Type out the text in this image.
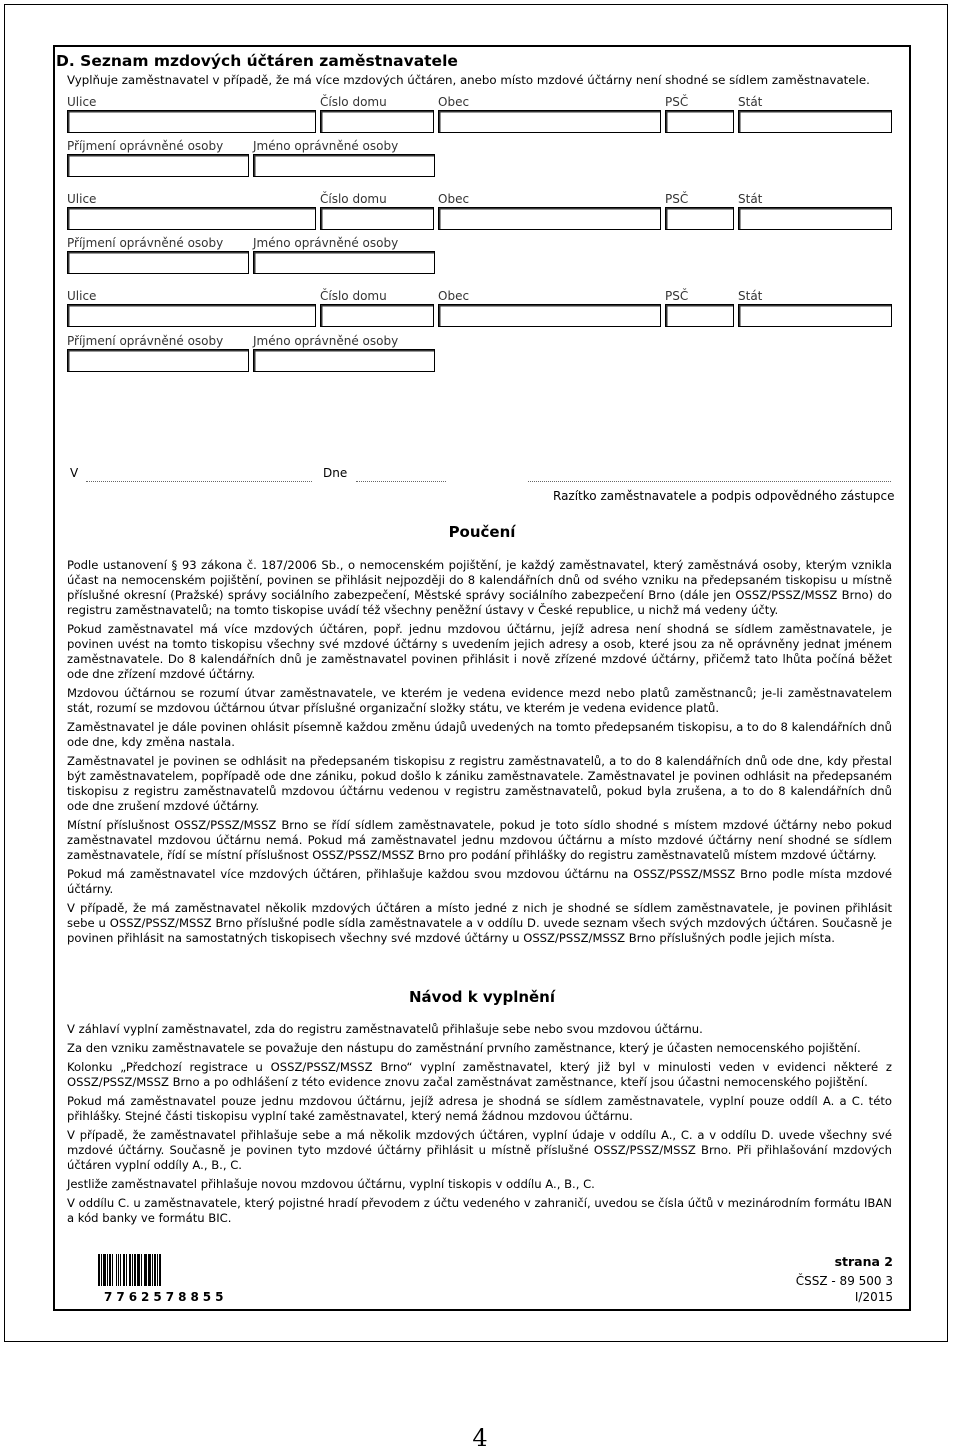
D. Seznam mzdových účtáren zaměstnavatele
Vyplňuje zaměstnavatel v případě, že má více mzdových účtáren, anebo místo mzdové účtárny není shodné se sídlem zaměstnavatele.
Ulice	Číslo domu	Obec	PSČ	Stát
Příjmení oprávněné osoby Jméno oprávněné osoby
Ulice	Číslo domu	Obec	PSČ	Stát
Příjmení oprávněné osoby Jméno oprávněné osoby
Ulice	Číslo domu	Obec	PSČ	Stát
Příjmení oprávněné osoby Jméno oprávněné osoby
V	Dne
Razítko zaměstnavatele a podpis odpovědného zástupce
Poučení

Podle ustanovení § 93 zákona č. 187/2006 Sb., o nemocenském pojištění, je každý zaměstnavatel, který zaměstnává osoby, kterým vznikla účast na nemocenském pojištění, povinen se přihlásit nejpozději do 8 kalendářních dnů od svého vzniku na předepsaném tiskopisu u místně příslušné okresní (Pražské) správy sociálního zabezpečení, Městské správy sociálního zabezpečení Brno (dále jen OSSZ/PSSZ/MSSZ Brno) do registru zaměstnavatelů; na tomto tiskopise uvádí též všechny peněžní ústavy v České republice, u nichž má vedeny účty.

Pokud zaměstnavatel má více mzdových účtáren, popř. jednu mzdovou účtárnu, jejíž adresa není shodná se sídlem zaměstnavatele, je povinen uvést na tomto tiskopisu všechny své mzdové účtárny s uvedením jejich adresy a osob, které jsou za ně oprávněny jednat jménem zaměstnavatele. Do 8 kalendářních dnů je zaměstnavatel povinen přihlásit i nově zřízené mzdové účtárny, přičemž tato lhůta počíná běžet ode dne zřízení mzdové účtárny.

Mzdovou účtárnou se rozumí útvar zaměstnavatele, ve kterém je vedena evidence mezd nebo platů zaměstnanců; je-li zaměstnavatelem stát, rozumí se mzdovou účtárnou útvar příslušné organizační složky státu, ve kterém je vedena evidence platů.

Zaměstnavatel je dále povinen ohlásit písemně každou změnu údajů uvedených na tomto předepsaném tiskopisu, a to do 8 kalendářních dnů ode dne, kdy změna nastala.

Zaměstnavatel je povinen se odhlásit na předepsaném tiskopisu z registru zaměstnavatelů, a to do 8 kalendářních dnů ode dne, kdy přestal být zaměstnavatelem, popřípadě ode dne zániku, pokud došlo k zániku zaměstnavatele. Zaměstnavatel je povinen odhlásit na předepsaném tiskopisu z registru zaměstnavatelů mzdovou účtárnu vedenou v registru zaměstnavatelů, pokud byla zrušena, a to do 8 kalendářních dnů ode dne zrušení mzdové účtárny.

Místní příslušnost OSSZ/PSSZ/MSSZ Brno se řídí sídlem zaměstnavatele, pokud je toto sídlo shodné s místem mzdové účtárny nebo pokud zaměstnavatel mzdovou účtárnu nemá. Pokud má zaměstnavatel jednu mzdovou účtárnu a místo mzdové účtárny není shodné se sídlem zaměstnavatele, řídí se místní příslušnost OSSZ/PSSZ/MSSZ Brno pro podání přihlášky do registru zaměstnavatelů místem mzdové účtárny.

Pokud má zaměstnavatel více mzdových účtáren, přihlašuje každou svou mzdovou účtárnu na OSSZ/PSSZ/MSSZ Brno podle místa mzdové účtárny.

V případě, že má zaměstnavatel několik mzdových účtáren a místo jedné z nich je shodné se sídlem zaměstnavatele, je povinen přihlásit sebe u OSSZ/PSSZ/MSSZ Brno příslušné podle sídla zaměstnavatele a v oddílu D. uvede seznam všech svých mzdových účtáren. Současně je povinen přihlásit na samostatných tiskopisech všechny své mzdové účtárny u OSSZ/PSSZ/MSSZ Brno příslušných podle jejich místa.

Návod k vyplnění

V záhlaví vyplní zaměstnavatel, zda do registru zaměstnavatelů přihlašuje sebe nebo svou mzdovou účtárnu.

Za den vzniku zaměstnavatele se považuje den nástupu do zaměstnání prvního zaměstnance, který je účasten nemocenského pojištění.

Kolonku „Předchozí registrace u OSSZ/PSSZ/MSSZ Brno“ vyplní zaměstnavatel, který již byl v minulosti veden v evidenci některé z OSSZ/PSSZ/MSSZ Brno a po odhlášení z této evidence znovu začal zaměstnávat zaměstnance, kteří jsou účastni nemocenského pojištění.

Pokud má zaměstnavatel pouze jednu mzdovou účtárnu, jejíž adresa je shodná se sídlem zaměstnavatele, vyplní pouze oddíl A. a C. této přihlášky. Stejné části tiskopisu vyplní také zaměstnavatel, který nemá žádnou mzdovou účtárnu.

V případě, že zaměstnavatel přihlašuje sebe a má několik mzdových účtáren, vyplní údaje v oddílu A., C. a v oddílu D. uvede všechny své mzdové účtárny. Současně je povinen tyto mzdové účtárny přihlásit u místně příslušné OSSZ/PSSZ/MSSZ Brno. Při přihlašování mzdových účtáren vyplní oddíly A., B., C.

Jestliže zaměstnavatel přihlašuje novou mzdovou účtárnu, vyplní tiskopis v oddílu A., B., C.

V oddílu C. u zaměstnavatele, který pojistné hradí převodem z účtu vedeného v zahraničí, uvedou se čísla účtů v mezinárodním formátu IBAN a kód banky ve formátu BIC.

7762578855
strana 2
ČSSZ - 89 500 3
I/2015
4
